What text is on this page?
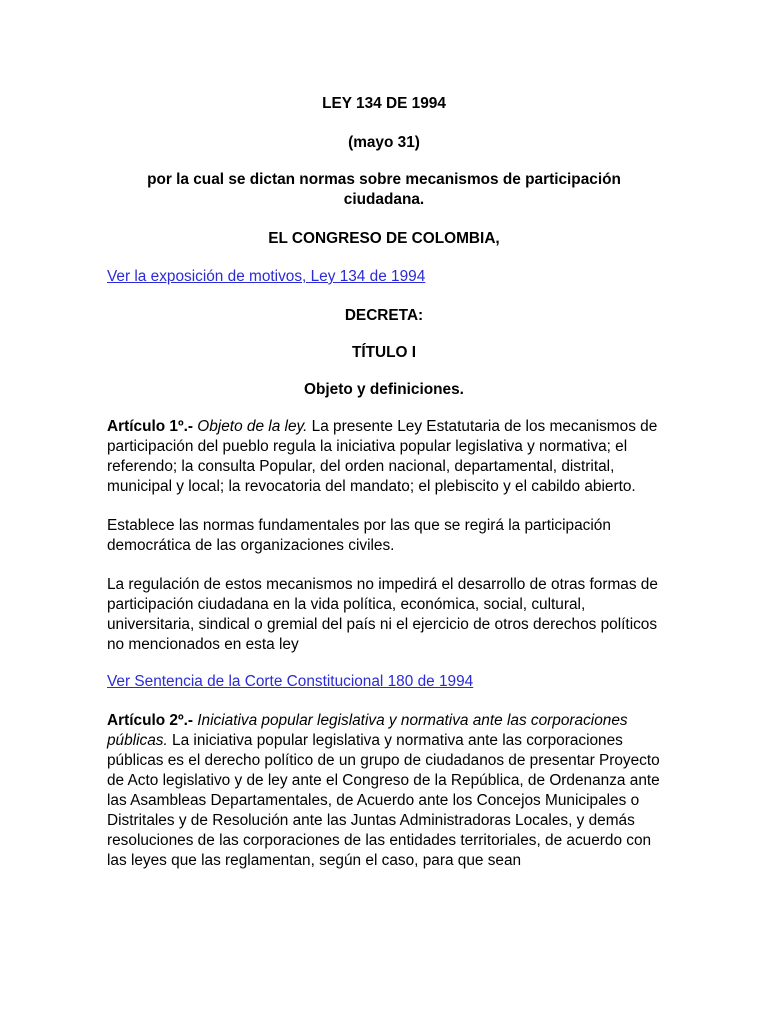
LEY 134 DE 1994

(mayo 31)

por la cual se dictan normas sobre mecanismos de participación ciudadana.

EL CONGRESO DE COLOMBIA,

Ver la exposición de motivos, Ley 134 de 1994

DECRETA:

TÍTULO I

Objeto y definiciones.

Artículo 1º.- Objeto de la ley. La presente Ley Estatutaria de los mecanismos de participación del pueblo regula la iniciativa popular legislativa y normativa; el referendo; la consulta Popular, del orden nacional, departamental, distrital, municipal y local; la revocatoria del mandato; el plebiscito y el cabildo abierto.

Establece las normas fundamentales por las que se regirá la participación democrática de las organizaciones civiles.

La regulación de estos mecanismos no impedirá el desarrollo de otras formas de participación ciudadana en la vida política, económica, social, cultural, universitaria, sindical o gremial del país ni el ejercicio de otros derechos políticos no mencionados en esta ley

Ver Sentencia de la Corte Constitucional 180 de 1994

Artículo 2º.- Iniciativa popular legislativa y normativa ante las corporaciones públicas. La iniciativa popular legislativa y normativa ante las corporaciones públicas es el derecho político de un grupo de ciudadanos de presentar Proyecto de Acto legislativo y de ley ante el Congreso de la República, de Ordenanza ante las Asambleas Departamentales, de Acuerdo ante los Concejos Municipales o Distritales y de Resolución ante las Juntas Administradoras Locales, y demás resoluciones de las corporaciones de las entidades territoriales, de acuerdo con las leyes que las reglamentan, según el caso, para que sean
